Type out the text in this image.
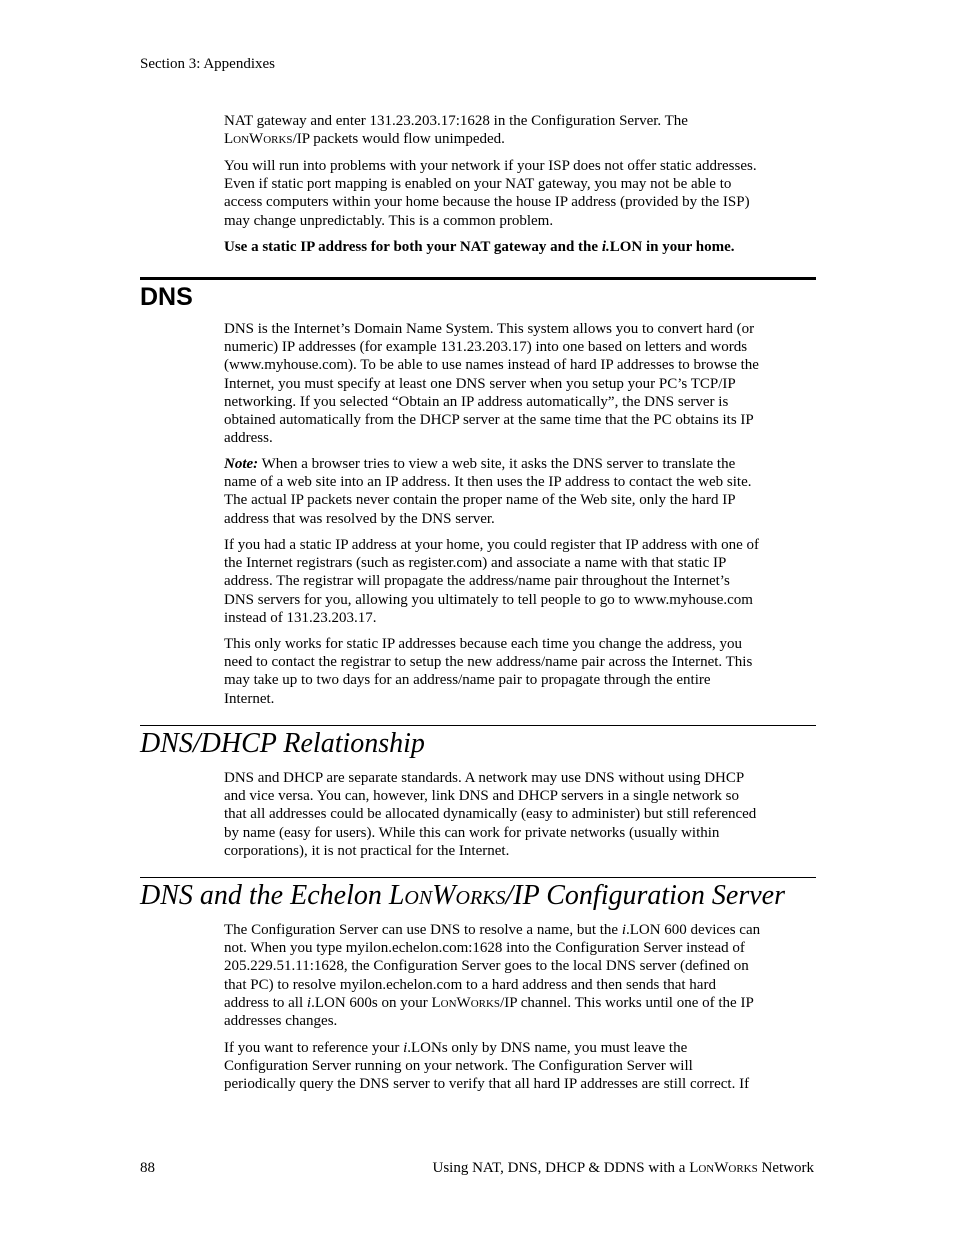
Section 3: Appendixes
NAT gateway and enter 131.23.203.17:1628 in the Configuration Server. The
LonWorks/IP packets would flow unimpeded.
You will run into problems with your network if your ISP does not offer static addresses.
Even if static port mapping is enabled on your NAT gateway, you may not be able to
access computers within your home because the house IP address (provided by the ISP)
may change unpredictably. This is a common problem.
Use a static IP address for both your NAT gateway and the i.LON in your home.
DNS
DNS is the Internet’s Domain Name System. This system allows you to convert hard (or
numeric) IP addresses (for example 131.23.203.17) into one based on letters and words
(www.myhouse.com). To be able to use names instead of hard IP addresses to browse the
Internet, you must specify at least one DNS server when you setup your PC’s TCP/IP
networking. If you selected “Obtain an IP address automatically”, the DNS server is
obtained automatically from the DHCP server at the same time that the PC obtains its IP
address.
Note: When a browser tries to view a web site, it asks the DNS server to translate the
name of a web site into an IP address. It then uses the IP address to contact the web site.
The actual IP packets never contain the proper name of the Web site, only the hard IP
address that was resolved by the DNS server.
If you had a static IP address at your home, you could register that IP address with one of
the Internet registrars (such as register.com) and associate a name with that static IP
address. The registrar will propagate the address/name pair throughout the Internet’s
DNS servers for you, allowing you ultimately to tell people to go to www.myhouse.com
instead of 131.23.203.17.
This only works for static IP addresses because each time you change the address, you
need to contact the registrar to setup the new address/name pair across the Internet. This
may take up to two days for an address/name pair to propagate through the entire
Internet.
DNS/DHCP Relationship
DNS and DHCP are separate standards. A network may use DNS without using DHCP
and vice versa. You can, however, link DNS and DHCP servers in a single network so
that all addresses could be allocated dynamically (easy to administer) but still referenced
by name (easy for users). While this can work for private networks (usually within
corporations), it is not practical for the Internet.
DNS and the Echelon LonWorks/IP Configuration Server
The Configuration Server can use DNS to resolve a name, but the i.LON 600 devices can
not. When you type myilon.echelon.com:1628 into the Configuration Server instead of
205.229.51.11:1628, the Configuration Server goes to the local DNS server (defined on
that PC) to resolve myilon.echelon.com to a hard address and then sends that hard
address to all i.LON 600s on your LonWorks/IP channel. This works until one of the IP
addresses changes.
If you want to reference your i.LONs only by DNS name, you must leave the
Configuration Server running on your network. The Configuration Server will
periodically query the DNS server to verify that all hard IP addresses are still correct. If
88	Using NAT, DNS, DHCP & DDNS with a LonWorks Network
